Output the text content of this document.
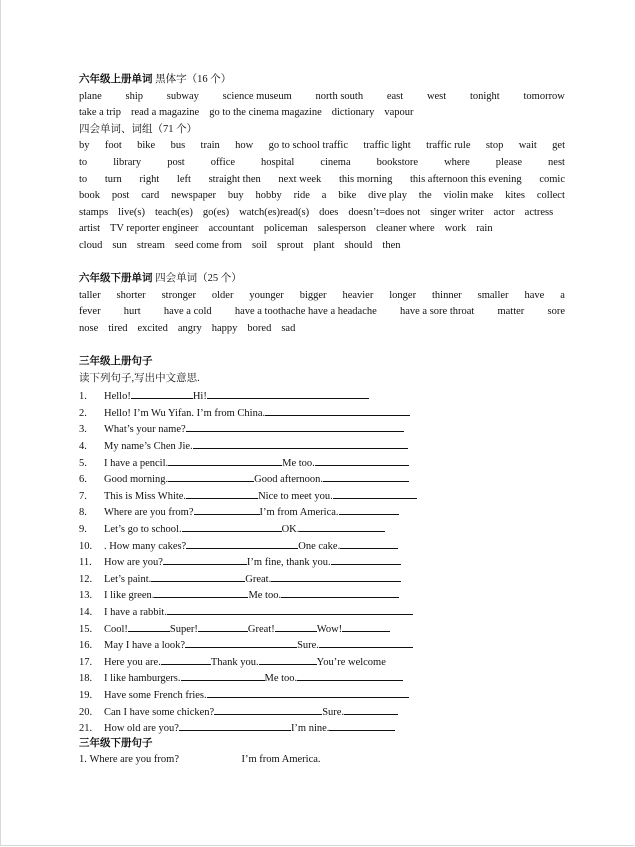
六年级上册单词 黑体字（16 个）
plane ship subway science museum north south east west tonight tomorrow
take a trip read a magazine go to the cinema magazine dictionary vapour
四会单词、词组（71 个）
by foot bike bus train how go to school traffic traffic light traffic rule stop wait get
to library post office hospital cinema bookstore where please nest
to turn right left straight then next week this morning this afternoon this evening comic
book post card newspaper buy hobby ride a bike dive play the violin make kites collect
stamps live(s) teach(es) go(es) watch(es)read(s) does doesn’t=does not singer writer actor actress
artist TV reporter engineer accountant policeman salesperson cleaner where work rain
cloud sun stream seed come from soil sprout plant should then
六年级下册单词 四会单词（25 个）
taller shorter stronger older younger bigger heavier longer thinner smaller have a
fever hurt have a cold have a toothache have a headache have a sore throat matter sore
nose tired excited angry happy bored sad
三年级上册句子
读下列句子,写出中文意思.
1. Hello!	Hi!
2. Hello! I’m Wu Yifan. I’m from China.
3. What’s your name?
4. My name’s Chen Jie.
5. I have a pencil.	Me too.
6. Good morning.	Good afternoon.
7. This is Miss White.	Nice to meet you.
8. Where are you from?	I’m from America.
9. Let’s go to school.	OK.
10. . How many cakes?	One cake.
11. How are you?	I’m fine, thank you.
12. Let’s paint.	Great.
13. I like green.	Me too.
14. I have a rabbit.
15. Cool!	Super!	Great!	Wow!
16. May I have a look?	Sure.
17. Here you are.	Thank you.	You’re welcome
18. I like hamburgers.	Me too.
19. Have some French fries.
20. Can I have some chicken?	Sure.
21. How old are you?	I’m nine.
三年级下册句子
1. Where are you from?	I’m from America.
